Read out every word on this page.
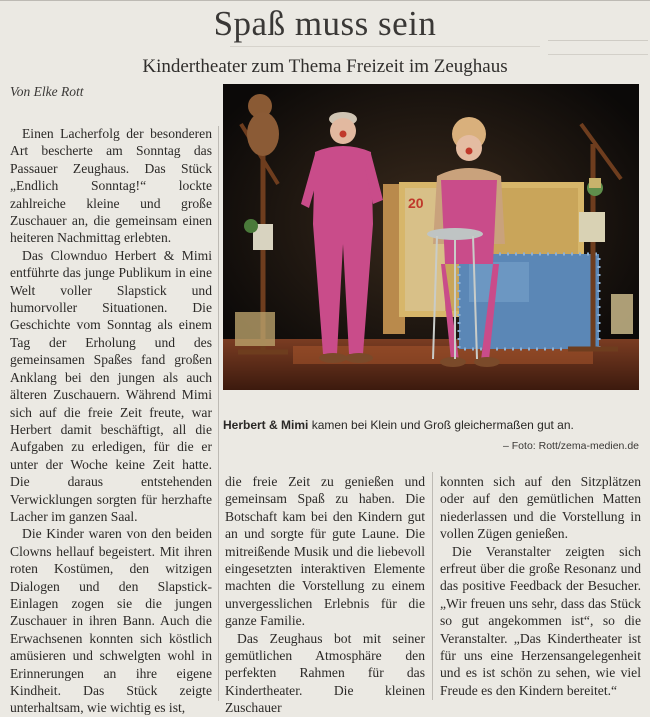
Spaß muss sein
Kindertheater zum Thema Freizeit im Zeughaus
Von Elke Rott

Einen Lacherfolg der besonderen Art bescherte am Sonntag das Passauer Zeughaus. Das Stück „Endlich Sonntag!“ lockte zahlreiche kleine und große Zuschauer an, die gemeinsam einen heiteren Nachmittag erlebten.

Das Clownduo Herbert & Mimi entführte das junge Publikum in eine Welt voller Slapstick und humorvoller Situationen. Die Geschichte vom Sonntag als einem Tag der Erholung und des gemeinsamen Spaßes fand großen Anklang bei den jungen als auch älteren Zuschauern. Während Mimi sich auf die freie Zeit freute, war Herbert damit beschäftigt, all die Aufgaben zu erledigen, für die er unter der Woche keine Zeit hatte. Die daraus entstehenden Verwicklungen sorgten für herzhafte Lacher im ganzen Saal.

Die Kinder waren von den beiden Clowns hellauf begeistert. Mit ihren roten Kostümen, den witzigen Dialogen und den Slapstick-Einlagen zogen sie die jungen Zuschauer in ihren Bann. Auch die Erwachsenen konnten sich köstlich amüsieren und schwelgten wohl in Erinnerungen an ihre eigene Kindheit. Das Stück zeigte unterhaltsam, wie wichtig es ist,

20
Herbert & Mimi kamen bei Klein und Groß gleichermaßen gut an.
– Foto: Rott/zema-medien.de

die freie Zeit zu genießen und gemeinsam Spaß zu haben. Die Botschaft kam bei den Kindern gut an und sorgte für gute Laune. Die mitreißende Musik und die liebevoll eingesetzten interaktiven Elemente machten die Vorstellung zu einem unvergesslichen Erlebnis für die ganze Familie.

Das Zeughaus bot mit seiner gemütlichen Atmosphäre den perfekten Rahmen für das Kindertheater. Die kleinen Zuschauer

konnten sich auf den Sitzplätzen oder auf den gemütlichen Matten niederlassen und die Vorstellung in vollen Zügen genießen.

Die Veranstalter zeigten sich erfreut über die große Resonanz und das positive Feedback der Besucher. „Wir freuen uns sehr, dass das Stück so gut angekommen ist“, so die Veranstalter. „Das Kindertheater ist für uns eine Herzensangelegenheit und es ist schön zu sehen, wie viel Freude es den Kindern bereitet.“
